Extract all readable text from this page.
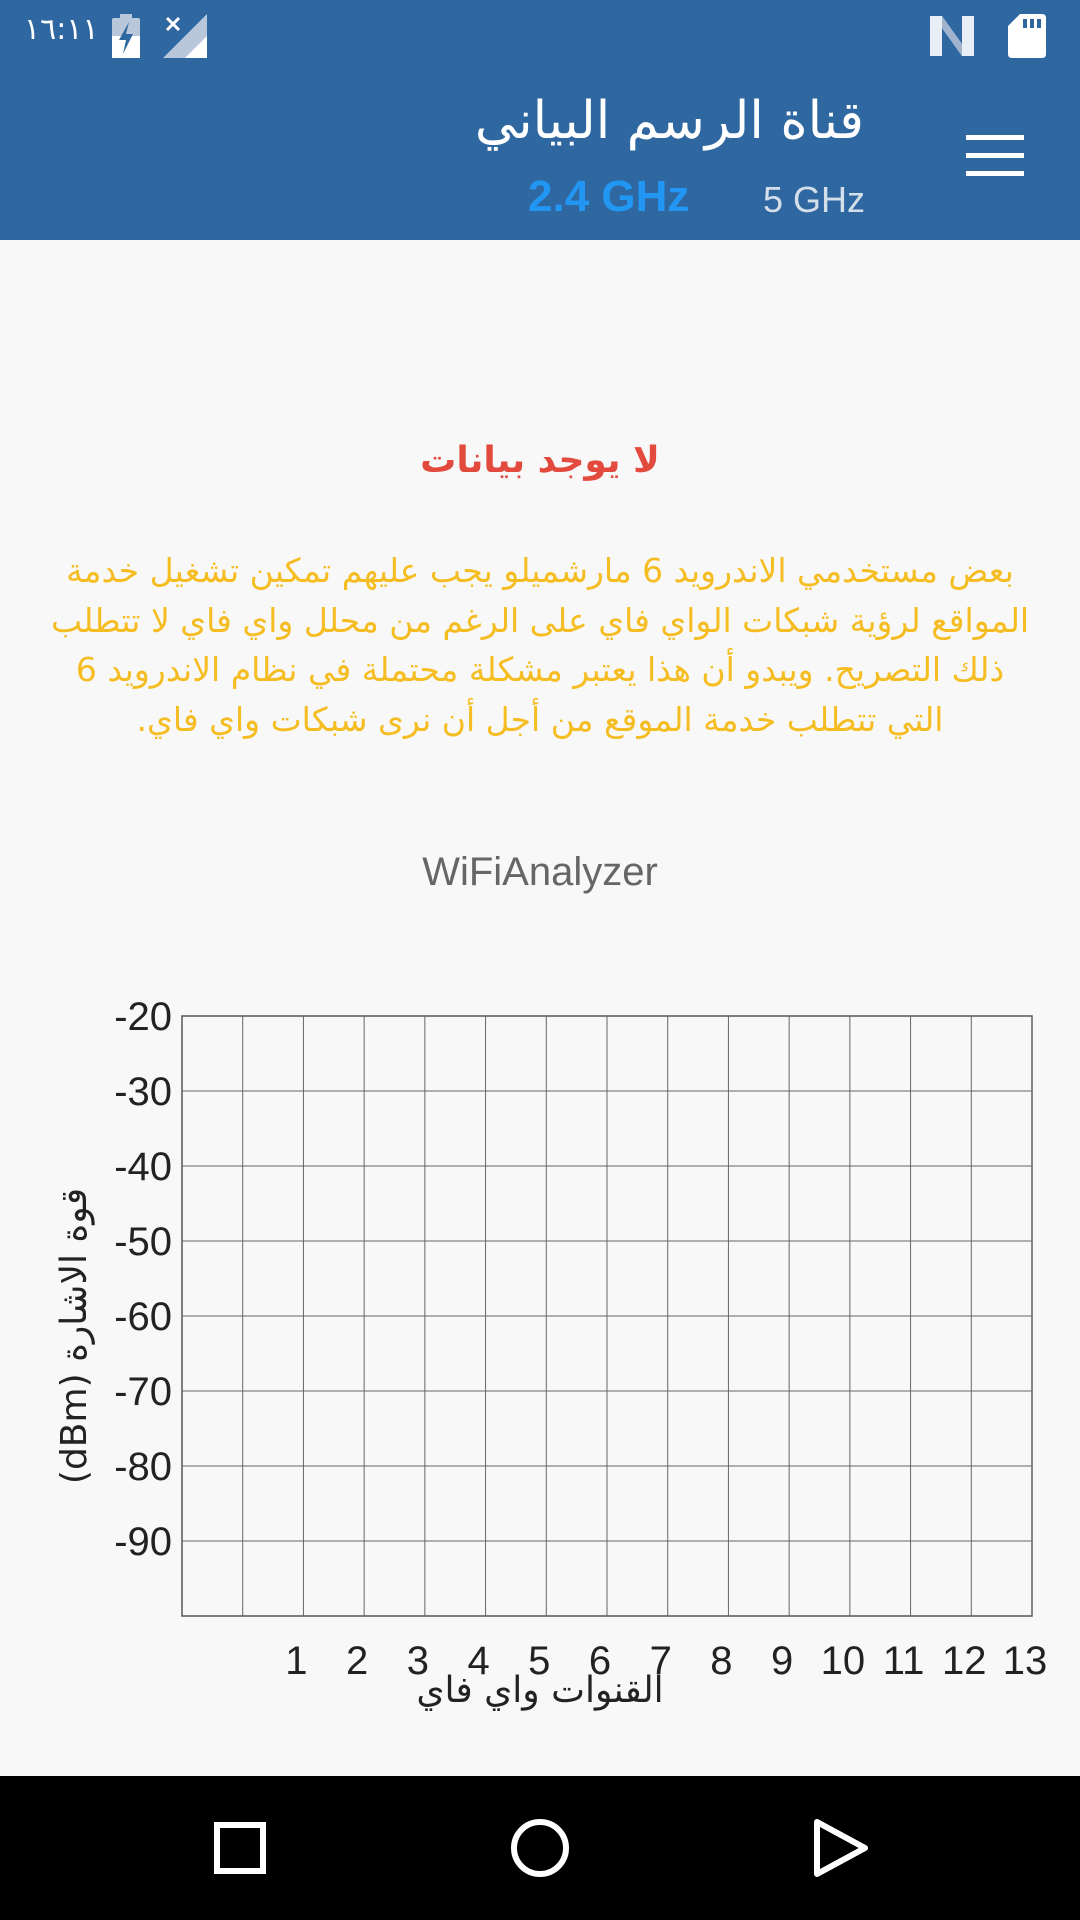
١٦:١١
قناة الرسم البياني
2.4 GHz 5 GHz
لا يوجد بيانات
بعض مستخدمي الاندرويد 6 مارشميلو يجب عليهم تمكين تشغيل خدمة المواقع لرؤية شبكات الواي فاي على الرغم من محلل واي فاي لا تتطلب ذلك التصريح. ويبدو أن هذا يعتبر مشكلة محتملة في نظام الاندرويد 6 التي تتطلب خدمة الموقع من أجل أن نرى شبكات واي فاي.
WiFiAnalyzer
-20
-30
-40
-50
-60
-70
-80
-90
1 2 3 4 5 6 7 8 9 10 11 12 13
القنوات واي فاي
قوة الاشارة (dBm)
